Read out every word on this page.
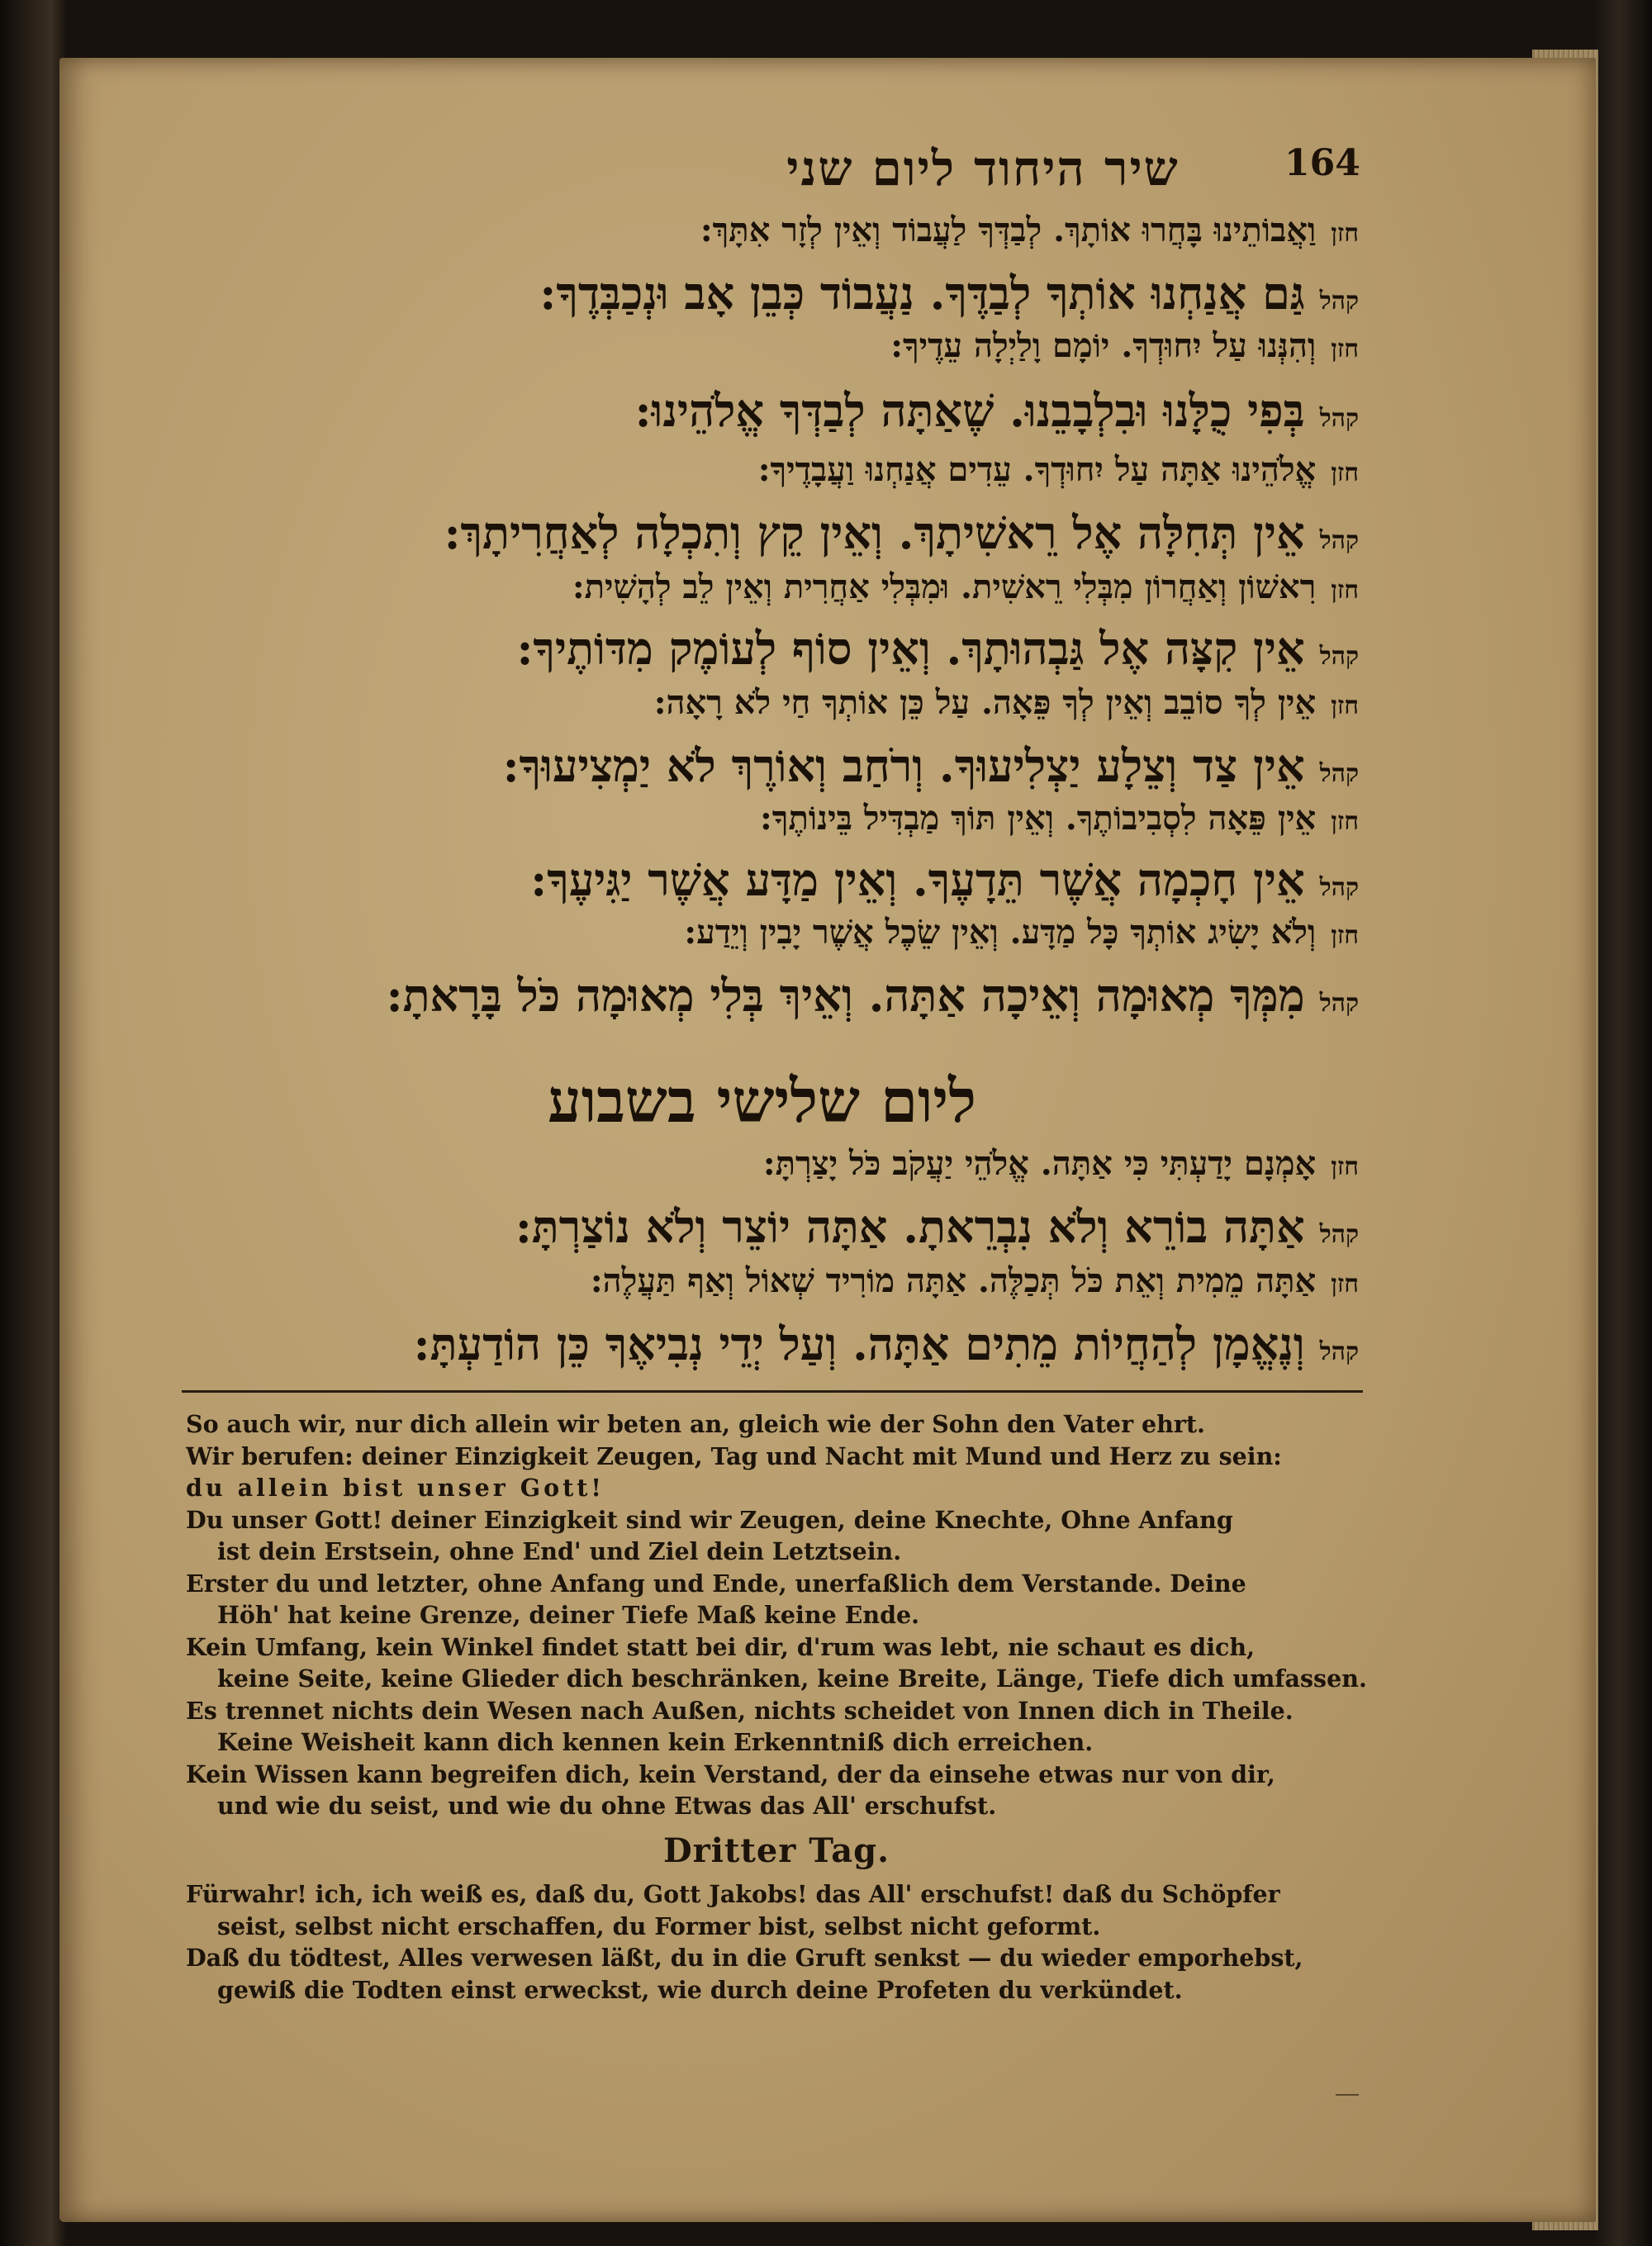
שיר היחוד ליום שני	164
חזןוַאֲבוֹתֵינוּ בָּחֲרוּ אוֹתָךְ. לְבַדְּךָ לַעֲבוֹד וְאֵין לְזָר אִתָּךְ:
קהלגַּם אֲנַחְנוּ אוֹתְךָ לְבַדֶּךָ. נַעֲבוֹד כְּבֵן אָב וּנְכַבְּדֶךָ:
חזןוְהִנְּנוּ עַל יִחוּדְךָ. יוֹמָם וָלַיְלָה עֵדֶיךָ:
קהלבְּפִי כֻלָּנוּ וּבִלְבָבֵנוּ. שֶׁאַתָּה לְבַדְּךָ אֱלֹהֵינוּ:
חזןאֱלֹהֵינוּ אַתָּה עַל יִחוּדְךָ. עֵדִים אֲנַחְנוּ וַעֲבָדֶיךָ:
קהלאֵין תְּחִלָּה אֶל רֵאשִׁיתָךְ. וְאֵין קֵץ וְתִכְלָה לְאַחֲרִיתָךְ:
חזןרִאשׁוֹן וְאַחֲרוֹן מִבְּלִי רֵאשִׁית. וּמִבְּלִי אַחֲרִית וְאֵין לֵב לְהָשִׁית:
קהלאֵין קִצָּה אֶל גַּבְהוּתָךְ. וְאֵין סוֹף לְעוֹמֶק מִדּוֹתֶיךָ:
חזןאֵין לְךָ סוֹבֵב וְאֵין לְךָ פֵּאָה. עַל כֵּן אוֹתְךָ חַי לֹא רָאָה:
קהלאֵין צַד וְצֵלָע יַצְלִיעוּךָ. וְרֹחַב וְאוֹרֶךְ לֹא יַמְצִיעוּךָ:
חזןאֵין פֵּאָה לִסְבִיבוֹתֶךָ. וְאֵין תּוֹךְ מַבְדִּיל בֵּינוֹתֶךָ:
קהלאֵין חָכְמָה אֲשֶׁר תֵּדָעֶךָ. וְאֵין מַדָּע אֲשֶׁר יַגִּיעֶךָ:
חזןוְלֹא יָשִׂיג אוֹתְךָ כָּל מַדָּע. וְאֵין שֵׂכֶל אֲשֶׁר יָבִין וְיֵדַע:
קהלמִמְּךָ מְאוּמָה וְאֵיכָה אַתָּה. וְאֵיךְ בְּלִי מְאוּמָה כֹּל בָּרָאתָ:
חזןאָמְנָם יָדַעְתִּי כִּי אַתָּה. אֱלֹהֵי יַעֲקֹב כֹּל יָצַרְתָּ:
קהלאַתָּה בוֹרֵא וְלֹא נִבְרֵאתָ. אַתָּה יוֹצֵר וְלֹא נוֹצַרְתָּ:
חזןאַתָּה מֵמִית וְאֵת כֹּל תְּכַלֶּה. אַתָּה מוֹרִיד שְׁאוֹל וְאַף תַּעֲלֶה:
קהלוְנֶאֱמָן לְהַחֲיוֹת מֵתִים אַתָּה. וְעַל יְדֵי נְבִיאֶךָ כֵּן הוֹדַעְתָּ:
ליום שלישי בשבוע
So auch wir, nur dich allein wir beten an, gleich wie der Sohn den Vater ehrt.
Wir berufen: deiner Einzigkeit Zeugen, Tag und Nacht mit Mund und Herz zu sein:
du allein bist unser Gott!
Du unser Gott! deiner Einzigkeit sind wir Zeugen, deine Knechte, Ohne Anfang
ist dein Erstsein, ohne End' und Ziel dein Letztsein.
Erster du und letzter, ohne Anfang und Ende, unerfaßlich dem Verstande. Deine
Höh' hat keine Grenze, deiner Tiefe Maß keine Ende.
Kein Umfang, kein Winkel findet statt bei dir, d'rum was lebt, nie schaut es dich,
keine Seite, keine Glieder dich beschränken, keine Breite, Länge, Tiefe dich umfassen.
Es trennet nichts dein Wesen nach Außen, nichts scheidet von Innen dich in Theile.
Keine Weisheit kann dich kennen kein Erkenntniß dich erreichen.
Kein Wissen kann begreifen dich, kein Verstand, der da einsehe etwas nur von dir,
und wie du seist, und wie du ohne Etwas das All' erschufst.
Dritter Tag.
Fürwahr! ich, ich weiß es, daß du, Gott Jakobs! das All' erschufst! daß du Schöpfer
seist, selbst nicht erschaffen, du Former bist, selbst nicht geformt.
Daß du tödtest, Alles verwesen läßt, du in die Gruft senkst — du wieder emporhebst,
gewiß die Todten einst erweckst, wie durch deine Profeten du verkündet.
